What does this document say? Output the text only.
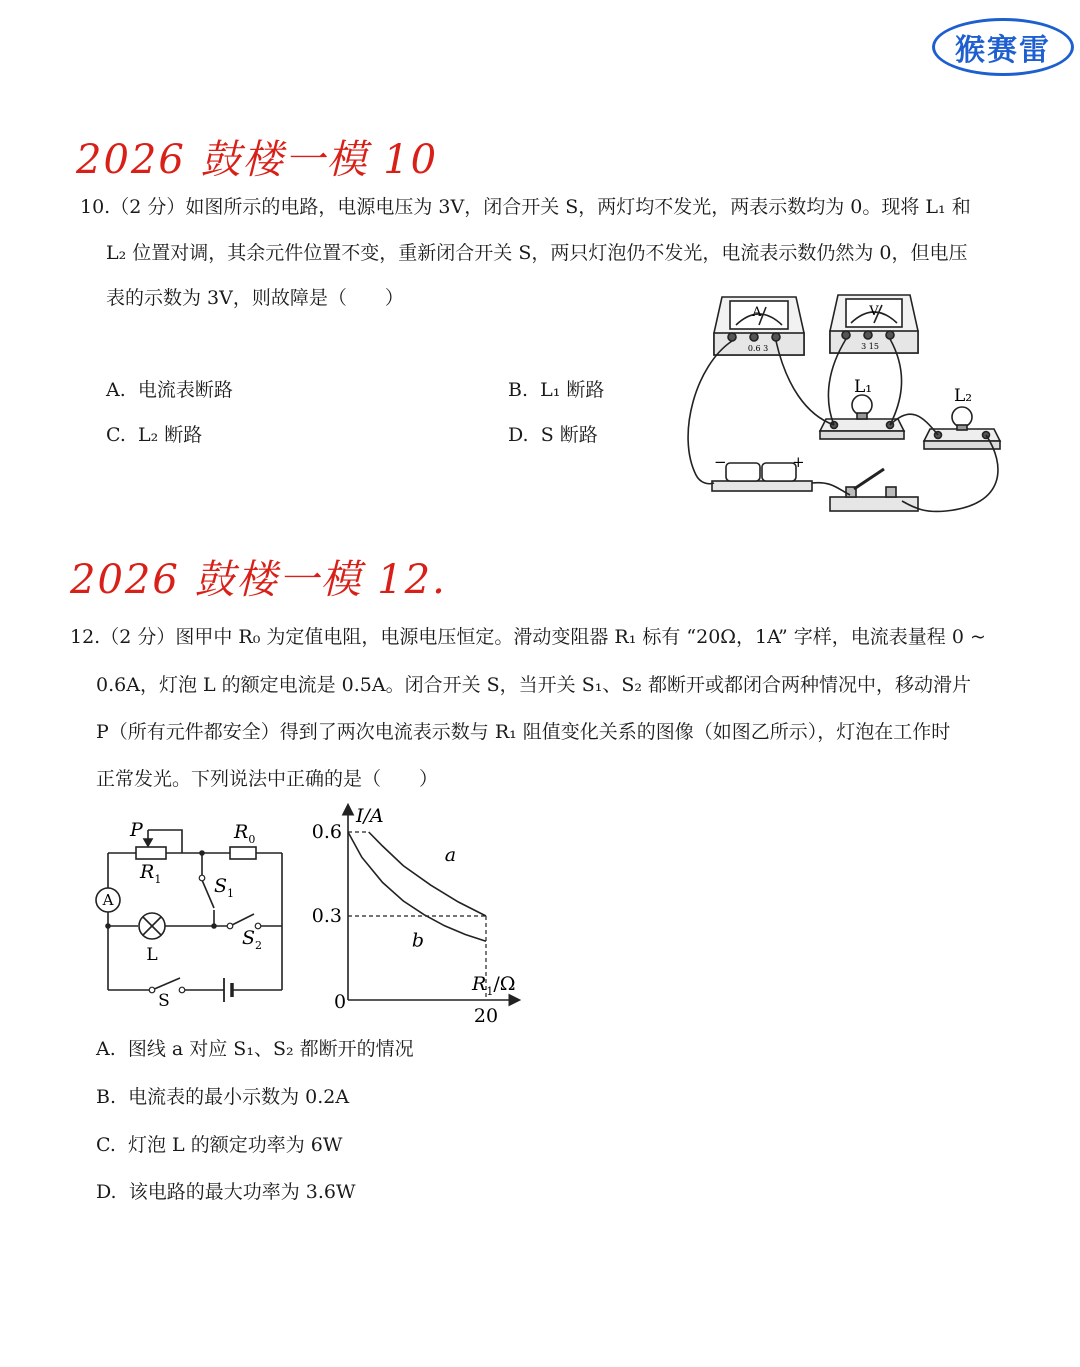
猴赛雷
2026 鼓楼一模 10
10.（2 分）如图所示的电路，电源电压为 3V，闭合开关 S，两灯均不发光，两表示数均为 0。现将 L₁ 和
L₂ 位置对调，其余元件位置不变，重新闭合开关 S，两只灯泡仍不发光，电流表示数仍然为 0，但电压
表的示数为 3V，则故障是（　　）
A. 电流表断路	B. L₁ 断路
C. L₂ 断路	D. S 断路
A	V
0.6 3	3 15
L₁	L₂
−	+
2026 鼓楼一模 12.
12.（2 分）图甲中 R₀ 为定值电阻，电源电压恒定。滑动变阻器 R₁ 标有 “20Ω，1A” 字样，电流表量程 0 ~
0.6A，灯泡 L 的额定电流是 0.5A。闭合开关 S，当开关 S₁、S₂ 都断开或都闭合两种情况中，移动滑片
P（所有元件都安全）得到了两次电流表示数与 R₁ 阻值变化关系的图像（如图乙所示），灯泡在工作时
正常发光。下列说法中正确的是（　　）
P	$R_0$
$R_1$	$S_1$
$S_2$
A
L
S
I/A
$R_1/\Omega$
0
0.6
0.3
20
a
b
A. 图线 a 对应 S₁、S₂ 都断开的情况
B. 电流表的最小示数为 0.2A
C. 灯泡 L 的额定功率为 6W
D. 该电路的最大功率为 3.6W
